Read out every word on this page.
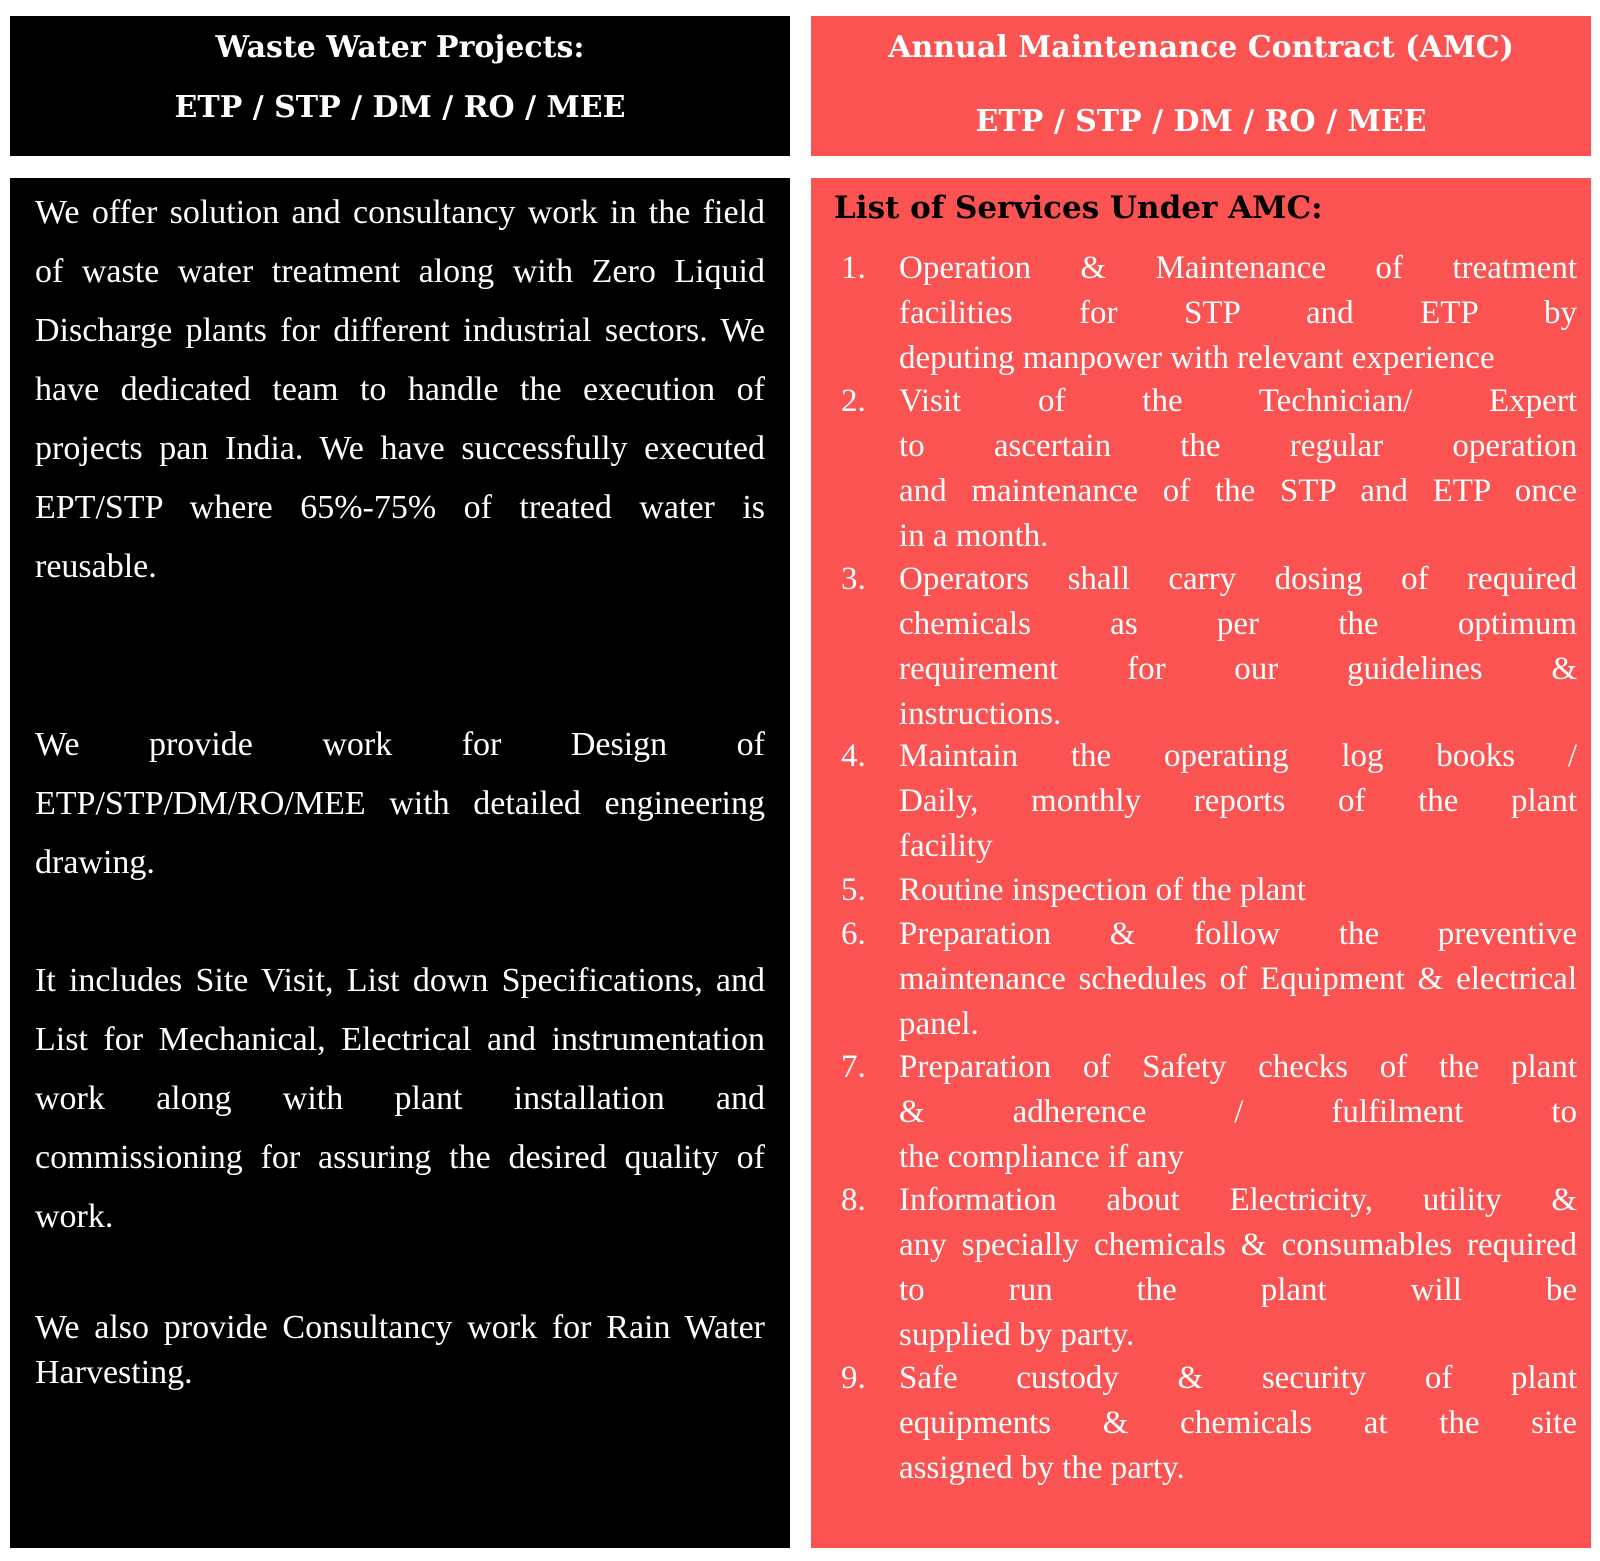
Waste Water Projects:
ETP / STP / DM / RO / MEE
Annual Maintenance Contract (AMC)
ETP / STP / DM / RO / MEE

We offer solution and consultancy work in the field of waste water treatment along with Zero Liquid Discharge plants for different industrial sectors. We have dedicated team to handle the execution of projects pan India. We have successfully executed EPT/STP where 65%-75% of treated water is reusable.

We provide work for Design of ETP/STP/DM/RO/MEE with detailed engineering drawing.

It includes Site Visit, List down Specifications, and List for Mechanical, Electrical and instrumentation work along with plant installation and commissioning for assuring the desired quality of work.

We also provide Consultancy work for Rain Water Harvesting.

List of Services Under AMC:
1.	Operation & Maintenance of treatment
facilities for STP and ETP by
deputing manpower with relevant experience
2.	Visit of the Technician/ Expert
to ascertain the regular operation
and maintenance of the STP and ETP once
in a month.
3.	Operators shall carry dosing of required
chemicals as per the optimum
requirement for our guidelines &
instructions.
4.	Maintain the operating log books /
Daily, monthly reports of the plant
facility
5.	Routine inspection of the plant
6.	Preparation & follow the preventive
maintenance schedules of Equipment & electrical
panel.
7.	Preparation of Safety checks of the plant
& adherence / fulfilment to
the compliance if any
8.	Information about Electricity, utility &
any specially chemicals & consumables required
to run the plant will be
supplied by party.
9.	Safe custody & security of plant
equipments & chemicals at the site
assigned by the party.
